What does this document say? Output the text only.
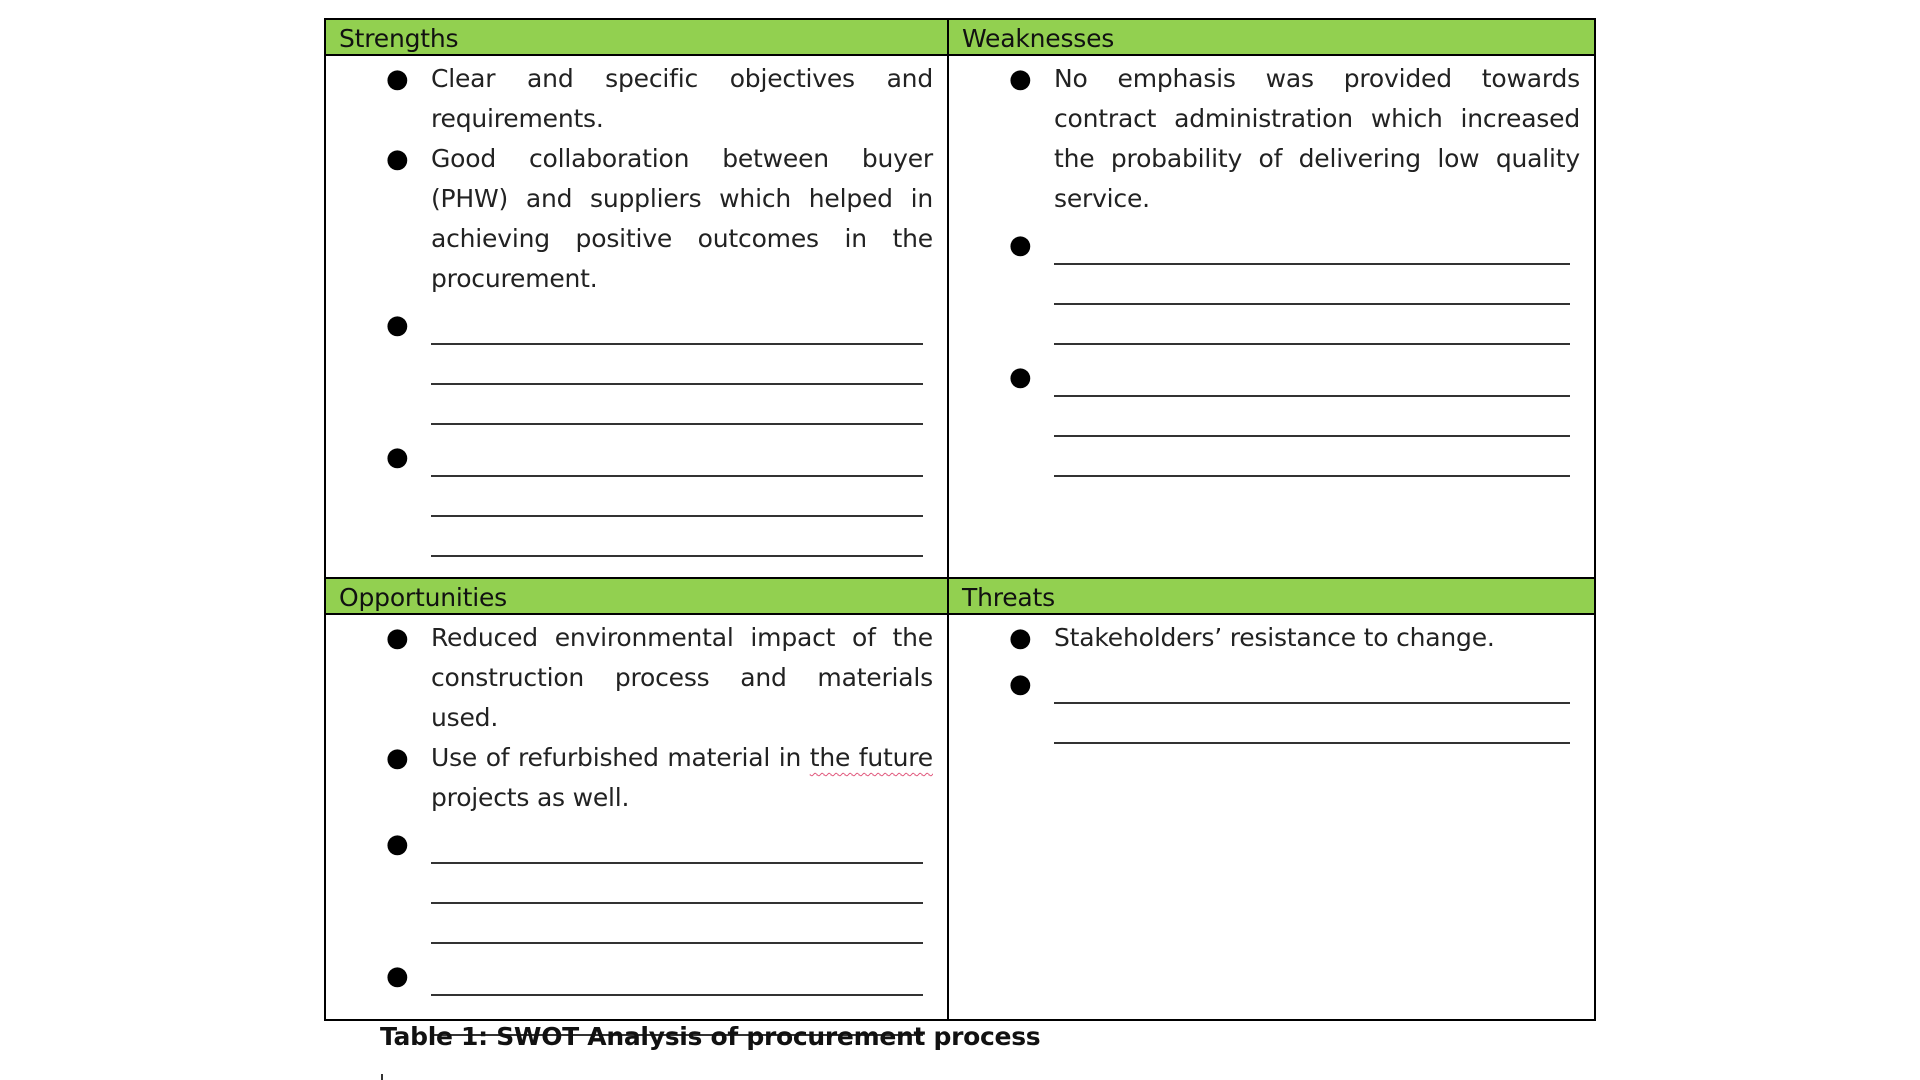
Strengths
● Clear and specific objectives and requirements.
● Good collaboration between buyer (PHW) and suppliers which helped in achieving positive outcomes in the procurement.
●
●
Weaknesses
● No emphasis was provided towards contract administration which increased the probability of delivering low quality service.
●
●
Opportunities
● Reduced environmental impact of the construction process and materials used.
● Use of refurbished material in the future projects as well.
●
●
Threats
● Stakeholders’ resistance to change.
●
Table 1: SWOT Analysis of procurement process
